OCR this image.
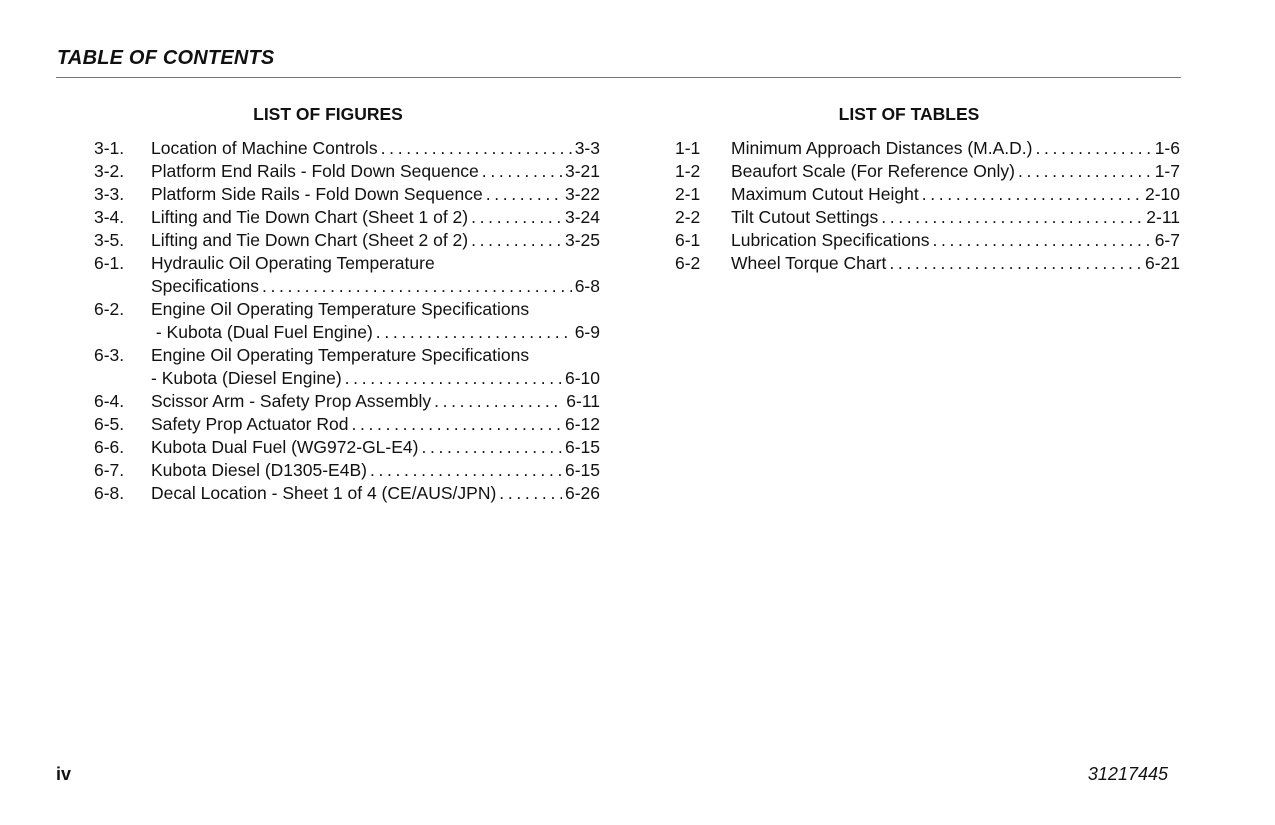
TABLE OF CONTENTS
LIST OF FIGURES
3-1.	Location of Machine Controls . . .	3-3
3-2.	Platform End Rails - Fold Down Sequence . . .	3-21
3-3.	Platform Side Rails - Fold Down Sequence . . .	3-22
3-4.	Lifting and Tie Down Chart (Sheet 1 of 2) . . .	3-24
3-5.	Lifting and Tie Down Chart (Sheet 2 of 2) . . .	3-25
6-1.	Hydraulic Oil Operating Temperature
Specifications . . .	6-8
6-2.	Engine Oil Operating Temperature Specifications
- Kubota (Dual Fuel Engine) . . .	6-9
6-3.	Engine Oil Operating Temperature Specifications
- Kubota (Diesel Engine) . . .	6-10
6-4.	Scissor Arm - Safety Prop Assembly . . .	6-11
6-5.	Safety Prop Actuator Rod . . .	6-12
6-6.	Kubota Dual Fuel (WG972-GL-E4) . . .	6-15
6-7.	Kubota Diesel (D1305-E4B) . . .	6-15
6-8.	Decal Location - Sheet 1 of 4 (CE/AUS/JPN) . . .	6-26
LIST OF TABLES
1-1	Minimum Approach Distances (M.A.D.) . . .	1-6
1-2	Beaufort Scale (For Reference Only) . . .	1-7
2-1	Maximum Cutout Height . . .	2-10
2-2	Tilt Cutout Settings . . .	2-11
6-1	Lubrication Specifications . . .	6-7
6-2	Wheel Torque Chart . . .	6-21
iv	31217445
